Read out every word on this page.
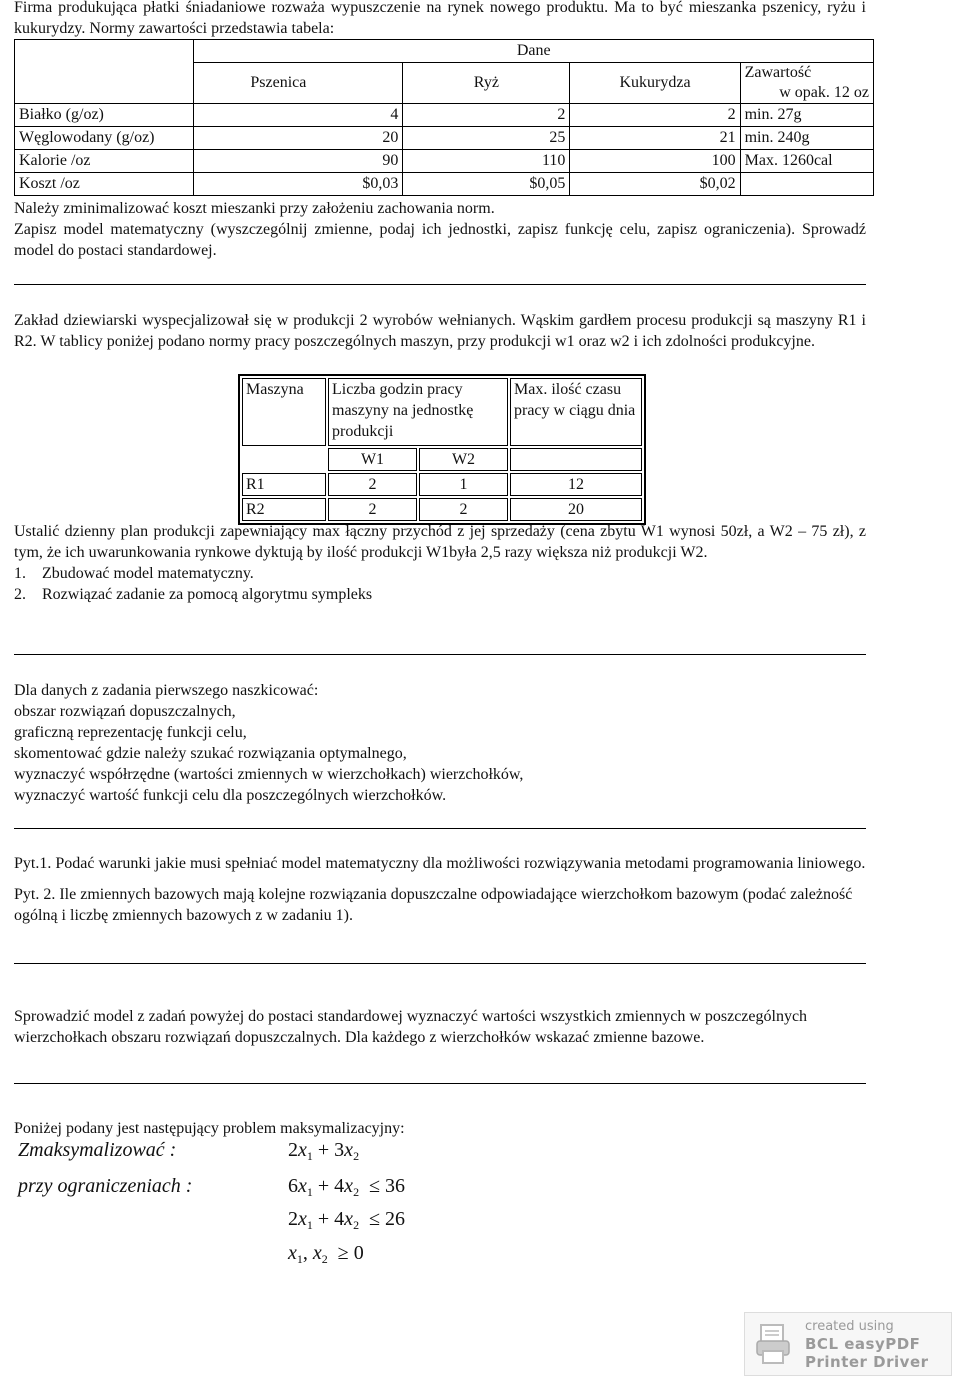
Firma produkująca płatki śniadaniowe rozważa wypuszczenie na rynek nowego produktu. Ma to być mieszanka pszenicy, ryżu i kukurydzy. Normy zawartości przedstawia tabela:

	Dane			
	Pszenica	Ryż	Kukurydza	Zawartość
w opak. 12 oz

Białko (g/oz)	4	2	2	min. 27g
Węglowodany (g/oz)	20	25	21	min. 240g
Kalorie /oz	90	110	100	Max. 1260cal
Koszt /oz	$0,03	$0,05	$0,02	

Należy zminimalizować koszt mieszanki przy założeniu zachowania norm.

Zapisz model matematyczny (wyszczególnij zmienne, podaj ich jednostki, zapisz funkcję celu, zapisz ograniczenia). Sprowadź model do postaci standardowej.

Zakład dziewiarski wyspecjalizował się w produkcji 2 wyrobów wełnianych. Wąskim gardłem procesu produkcji są maszyny R1 i R2. W tablicy poniżej podano normy pracy poszczególnych maszyn, przy produkcji w1 oraz w2 i ich zdolności produkcyjne.

Maszyna	Liczba godzin pracy maszyny na jednostkę produkcji		Max. ilość czasu pracy w ciągu dnia
	W1	W2	
R1	2	1	12
R2	2	2	20

Ustalić dzienny plan produkcji zapewniający max łączny przychód z jej sprzedaży (cena zbytu W1 wynosi 50zł, a W2 – 75 zł), z tym, że ich uwarunkowania rynkowe dyktują by ilość produkcji W1była 2,5 razy większa niż produkcji W2.

1.    Zbudować model matematyczny.

2.    Rozwiązać zadanie za pomocą algorytmu sympleks

Dla danych z zadania pierwszego naszkicować:

obszar rozwiązań dopuszczalnych,

graficzną reprezentację funkcji celu,

skomentować gdzie należy szukać rozwiązania optymalnego,

wyznaczyć współrzędne (wartości zmiennych w wierzchołkach) wierzchołków,

wyznaczyć wartość funkcji celu dla poszczególnych wierzchołków.

Pyt.1. Podać warunki jakie musi spełniać model matematyczny dla możliwości rozwiązywania metodami programowania liniowego.

Pyt. 2. Ile zmiennych bazowych mają kolejne rozwiązania dopuszczalne odpowiadające wierzchołkom bazowym (podać zależność ogólną i liczbę zmiennych bazowych z w zadaniu 1).

Sprowadzić model z zadań powyżej do postaci standardowej wyznaczyć wartości wszystkich zmiennych w poszczególnych wierzchołkach obszaru rozwiązań dopuszczalnych. Dla każdego z wierzchołków wskazać zmienne bazowe.

Poniżej podany jest następujący problem maksymalizacyjny:

Zmaksymalizować :	$2x_1 + 3x_2$
przy ograniczeniach :	$6x_1 + 4x_2 \le 36$
$2x_1 + 4x_2 \le 26$
$x_1$, $x_2 \ge 0$
created using
BCL easyPDF
Printer Driver
